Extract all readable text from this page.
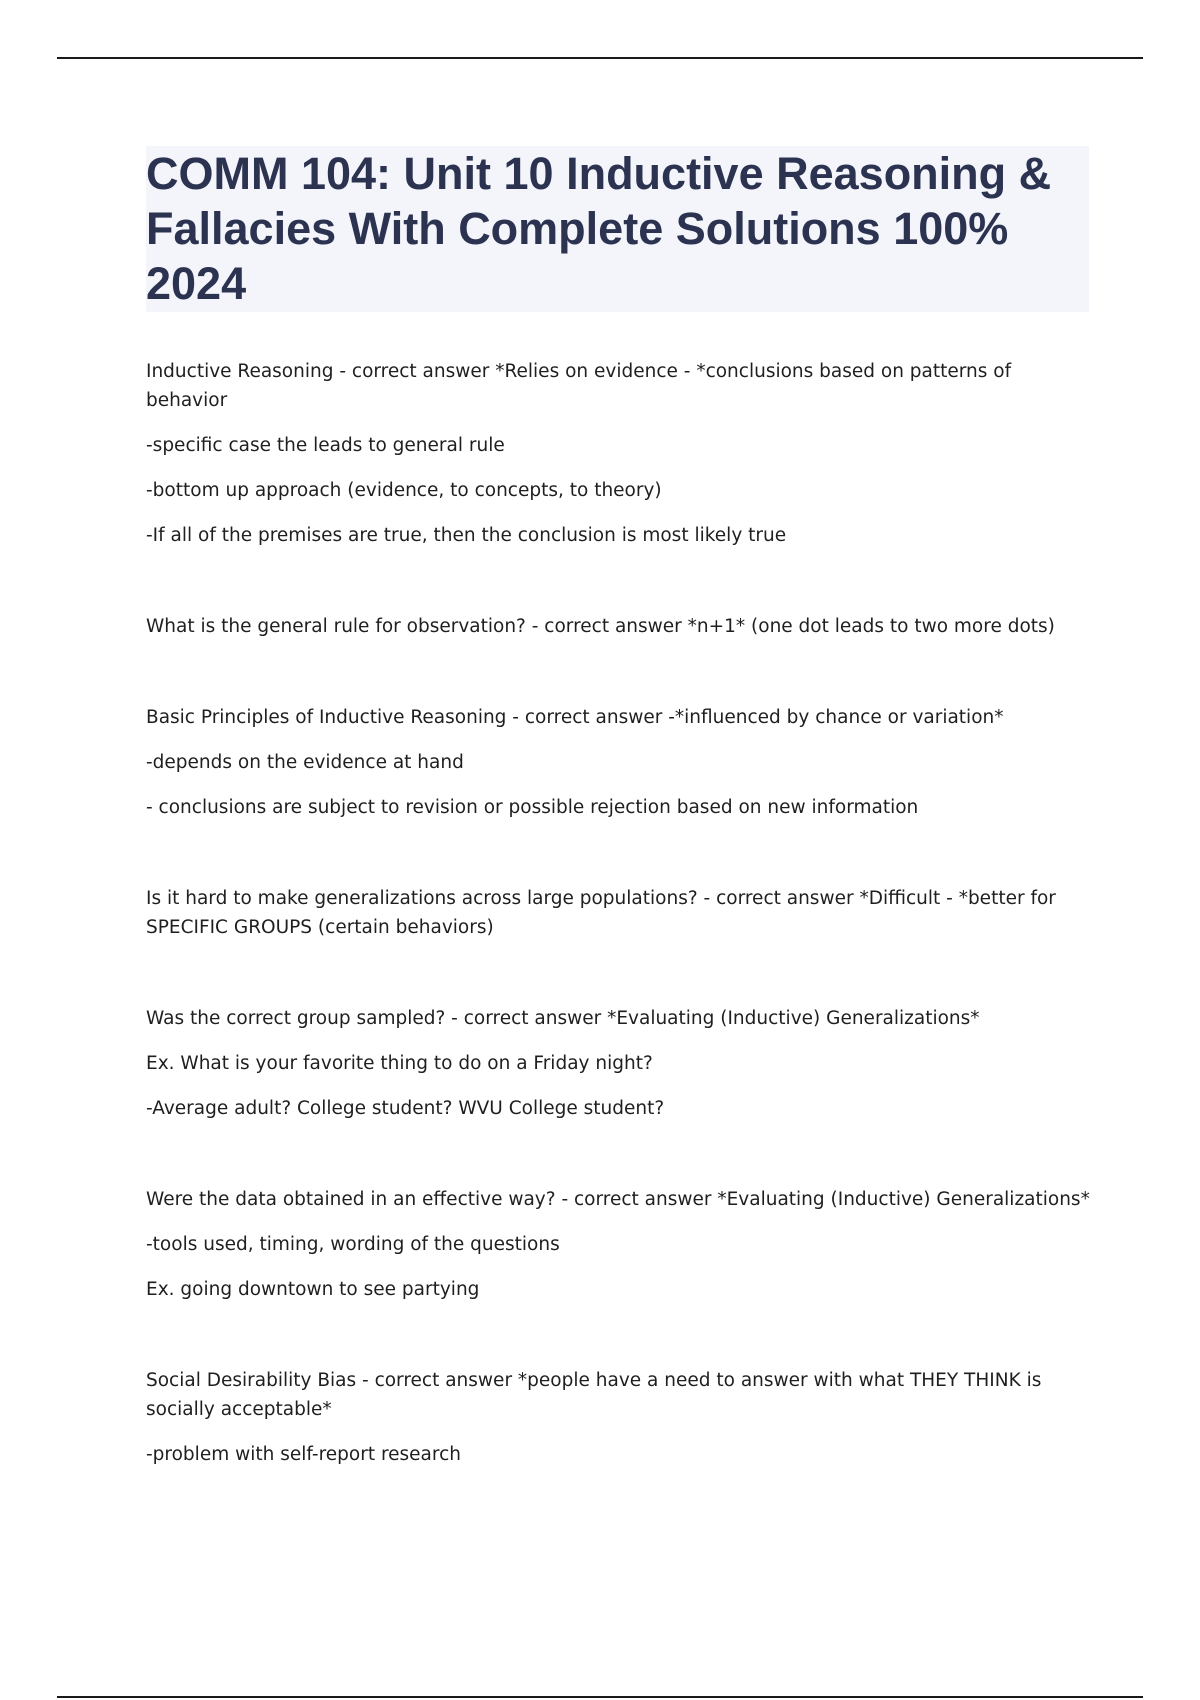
COMM 104: Unit 10 Inductive Reasoning & Fallacies With Complete Solutions 100% 2024

Inductive Reasoning - correct answer *Relies on evidence - *conclusions based on patterns of behavior

-specific case the leads to general rule

-bottom up approach (evidence, to concepts, to theory)

-If all of the premises are true, then the conclusion is most likely true

What is the general rule for observation? - correct answer *n+1* (one dot leads to two more dots)

Basic Principles of Inductive Reasoning - correct answer -*influenced by chance or variation*

-depends on the evidence at hand

- conclusions are subject to revision or possible rejection based on new information

Is it hard to make generalizations across large populations? - correct answer *Difficult - *better for SPECIFIC GROUPS (certain behaviors)

Was the correct group sampled? - correct answer *Evaluating (Inductive) Generalizations*

Ex. What is your favorite thing to do on a Friday night?

-Average adult? College student? WVU College student?

Were the data obtained in an effective way? - correct answer *Evaluating (Inductive) Generalizations*

-tools used, timing, wording of the questions

Ex. going downtown to see partying

Social Desirability Bias - correct answer *people have a need to answer with what THEY THINK is socially acceptable*

-problem with self-report research
